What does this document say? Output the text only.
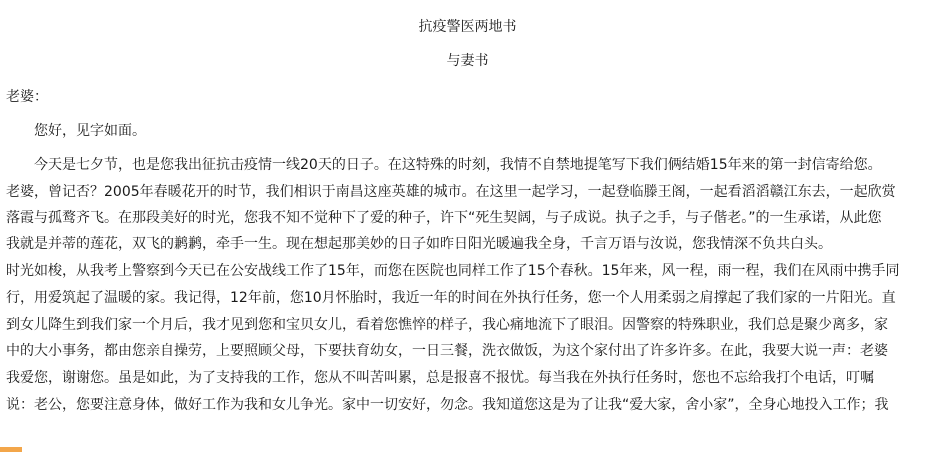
抗疫警医两地书
与妻书
老婆：
您好，见字如面。
今天是七夕节，也是您我出征抗击疫情一线20天的日子。在这特殊的时刻，我情不自禁地提笔写下我们俩结婚15年来的第一封信寄给您。
老婆，曾记否？2005年春暖花开的时节，我们相识于南昌这座英雄的城市。在这里一起学习，一起登临滕王阁，一起看滔滔赣江东去，一起欣赏
落霞与孤鹜齐飞。在那段美好的时光，您我不知不觉种下了爱的种子，许下“死生契阔，与子成说。执子之手，与子偕老。”的一生承诺，从此您
我就是并蒂的莲花，双飞的鹣鹣，牵手一生。现在想起那美妙的日子如昨日阳光暖遍我全身，千言万语与汝说，您我情深不负共白头。
时光如梭，从我考上警察到今天已在公安战线工作了15年，而您在医院也同样工作了15个春秋。15年来，风一程，雨一程，我们在风雨中携手同
行，用爱筑起了温暖的家。我记得，12年前，您10月怀胎时，我近一年的时间在外执行任务，您一个人用柔弱之肩撑起了我们家的一片阳光。直
到女儿降生到我们家一个月后，我才见到您和宝贝女儿，看着您憔悴的样子，我心痛地流下了眼泪。因警察的特殊职业，我们总是聚少离多，家
中的大小事务，都由您亲自操劳，上要照顾父母，下要扶育幼女，一日三餐，洗衣做饭，为这个家付出了许多许多。在此，我要大说一声：老婆
我爱您，谢谢您。虽是如此，为了支持我的工作，您从不叫苦叫累，总是报喜不报忧。每当我在外执行任务时，您也不忘给我打个电话，叮嘱
说：老公，您要注意身体，做好工作为我和女儿争光。家中一切安好，勿念。我知道您这是为了让我“爱大家，舍小家”，全身心地投入工作；我
